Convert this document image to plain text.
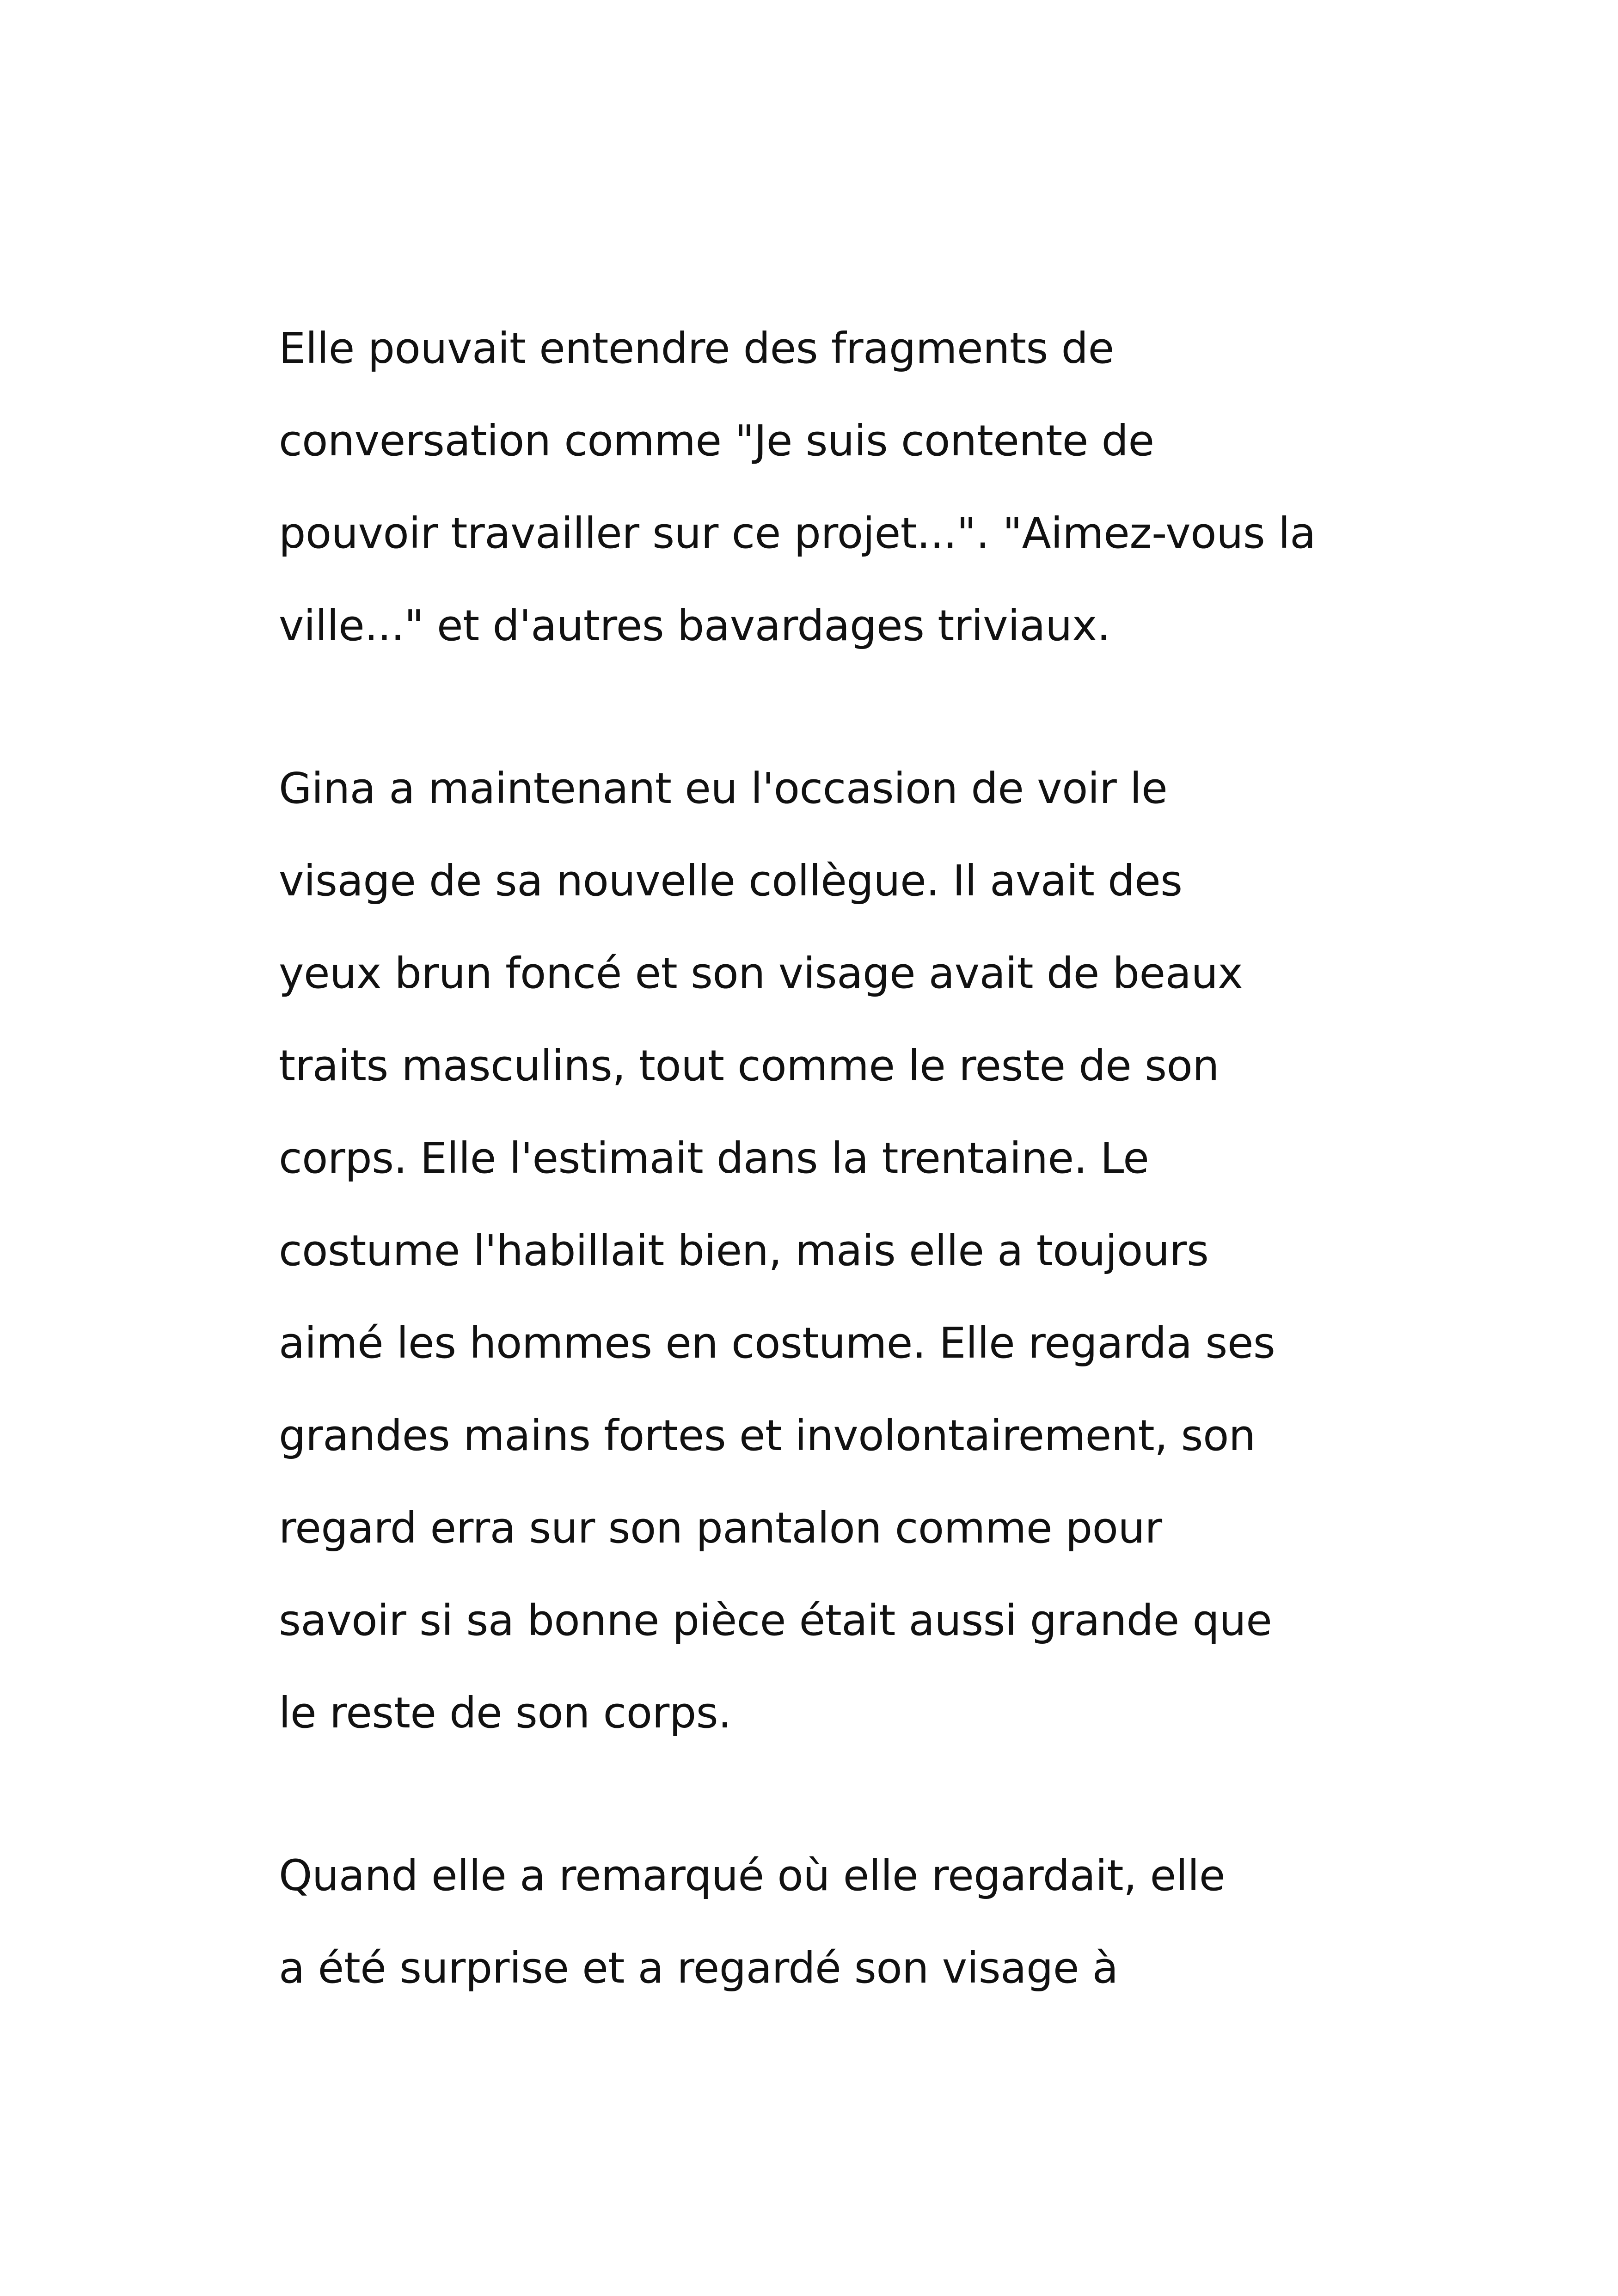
Elle pouvait entendre des fragments de
conversation comme "Je suis contente de
pouvoir travailler sur ce projet...". "Aimez-vous la
ville..." et d'autres bavardages triviaux.
Gina a maintenant eu l'occasion de voir le
visage de sa nouvelle collègue. Il avait des
yeux brun foncé et son visage avait de beaux
traits masculins, tout comme le reste de son
corps. Elle l'estimait dans la trentaine. Le
costume l'habillait bien, mais elle a toujours
aimé les hommes en costume. Elle regarda ses
grandes mains fortes et involontairement, son
regard erra sur son pantalon comme pour
savoir si sa bonne pièce était aussi grande que
le reste de son corps.
Quand elle a remarqué où elle regardait, elle
a été surprise et a regardé son visage à
